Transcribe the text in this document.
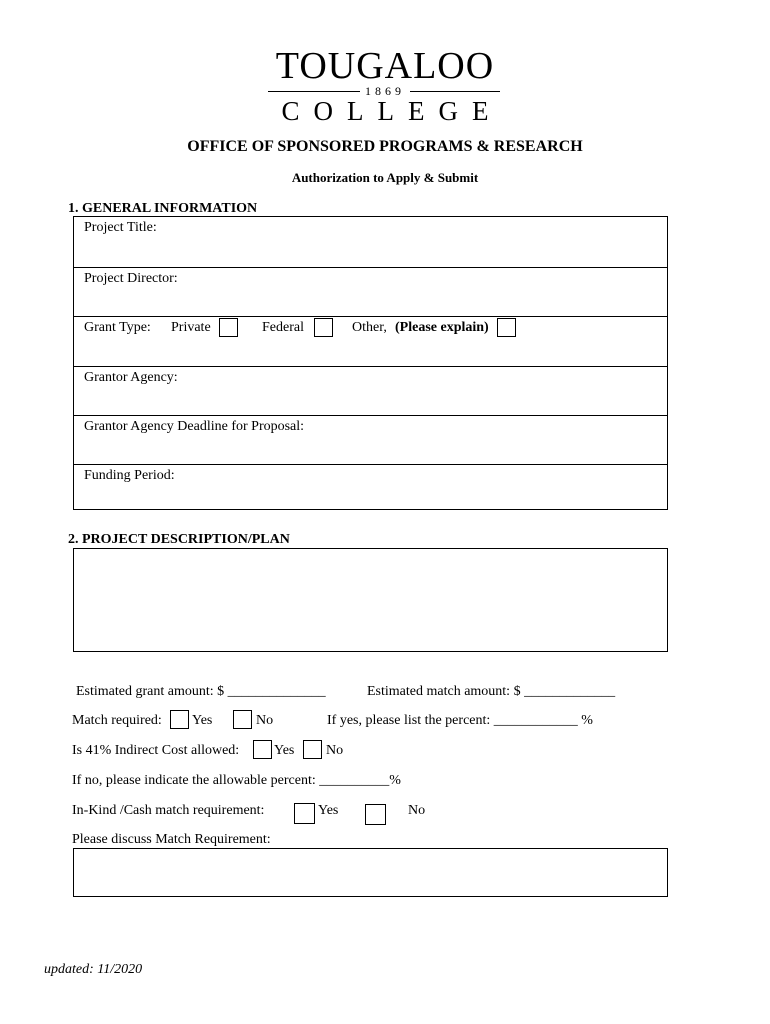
TOUGALOO
1869
COLLEGE
OFFICE OF SPONSORED PROGRAMS & RESEARCH
Authorization to Apply & Submit
1. GENERAL INFORMATION
Project Title:
Project Director:
Grant Type: Private	Federal	Other, (Please explain)
Grantor Agency:
Grantor Agency Deadline for Proposal:
Funding Period:
2. PROJECT DESCRIPTION/PLAN
Estimated grant amount: $ ______________	Estimated match amount: $ _____________
Match required: Yes	No	If yes, please list the percent: ____________ %
Is 41% Indirect Cost allowed: Yes No
If no, please indicate the allowable percent: __________%
In-Kind /Cash match requirement:	Yes	No
Please discuss Match Requirement:
updated: 11/2020
